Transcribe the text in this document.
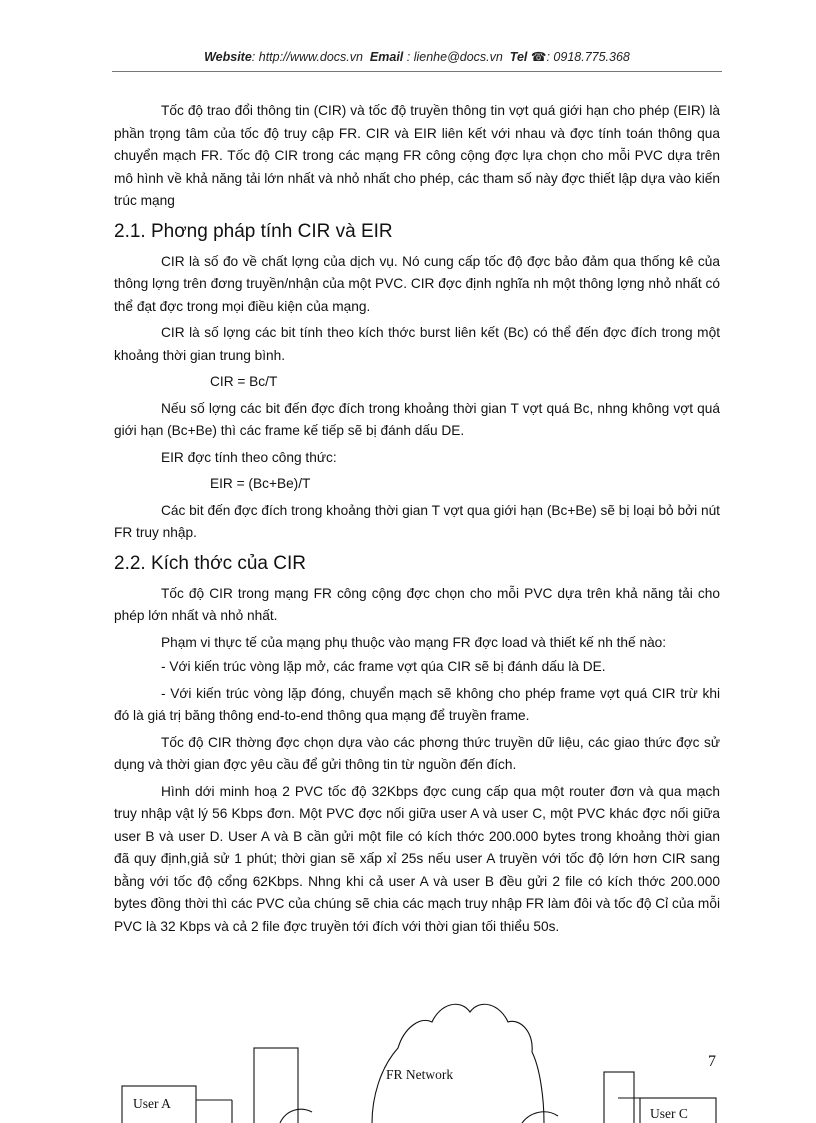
Website: http://www.docs.vn Email : lienhe@docs.vn Tel ☎: 0918.775.368

Tốc độ trao đổi thông tin (CIR) và tốc độ truyền thông tin vợt quá giới hạn cho phép (EIR) là phần trọng tâm của tốc độ truy cập FR. CIR và EIR liên kết với nhau và đợc tính toán thông qua chuyển mạch FR. Tốc độ CIR trong các mạng FR công cộng đợc lựa chọn cho mỗi PVC dựa trên mô hình về khả năng tải lớn nhất và nhỏ nhất cho phép, các tham số này đợc thiết lập dựa vào kiến trúc mạng

2.1. Phơng pháp tính CIR và EIR

CIR là số đo về chất lợng của dịch vụ. Nó cung cấp tốc độ đợc bảo đảm qua thống kê của thông lợng trên đơng truyền/nhận của một PVC. CIR đợc định nghĩa nh một thông lợng nhỏ nhất có thể đạt đợc trong mọi điều kiện của mạng.

CIR là số lợng các bit tính theo kích thớc burst liên kết (Bc) có thể đến đợc đích trong một khoảng thời gian trung bình.

CIR = Bc/T

Nếu số lợng các bit đến đợc đích trong khoảng thời gian T vợt quá Bc, nhng không vợt quá giới hạn (Bc+Be) thì các frame kế tiếp sẽ bị đánh dấu DE.

EIR đợc tính theo công thức:

EIR = (Bc+Be)/T

Các bit đến đợc đích trong khoảng thời gian T vợt qua giới hạn (Bc+Be) sẽ bị loại bỏ bởi nút FR truy nhập.

2.2. Kích thớc của CIR

Tốc độ CIR trong mạng FR công cộng đợc chọn cho mỗi PVC dựa trên khả năng tải cho phép lớn nhất và nhỏ nhất.

Phạm vi thực tế của mạng phụ thuộc vào mạng FR đợc load và thiết kế nh thế nào:

- Với kiến trúc vòng lặp mở, các frame vợt qúa CIR sẽ bị đánh dấu là DE.

- Với kiến trúc vòng lặp đóng, chuyển mạch sẽ không cho phép frame vợt quá CIR trừ khi đó là giá trị băng thông end-to-end thông qua mạng để truyền frame.

Tốc độ CIR thờng đợc chọn dựa vào các phơng thức truyền dữ liệu, các giao thức đợc sử dụng và thời gian đợc yêu cầu để gửi thông tin từ nguồn đến đích.

Hình dới minh hoạ 2 PVC tốc độ 32Kbps đợc cung cấp qua một router đơn và qua mạch truy nhập vật lý 56 Kbps đơn. Một PVC đợc nối giữa user A và user C, một PVC khác đợc nối giữa user B và user D. User A và B cần gửi một file có kích thớc 200.000 bytes trong khoảng thời gian đã quy định,giả sử 1 phút; thời gian sẽ xấp xỉ 25s nếu user A truyền với tốc độ lớn hơn CIR sang bằng với tốc độ cổng 62Kbps. Nhng khi cả user A và user B đều gửi 2 file có kích thớc 200.000 bytes đồng thời thì các PVC của chúng sẽ chia các mạch truy nhập FR làm đôi và tốc độ Cỉ của mỗi PVC là 32 Kbps và cả 2 file đợc truyền tới đích với thời gian tối thiểu 50s.

FR Network
User A
User C
7
